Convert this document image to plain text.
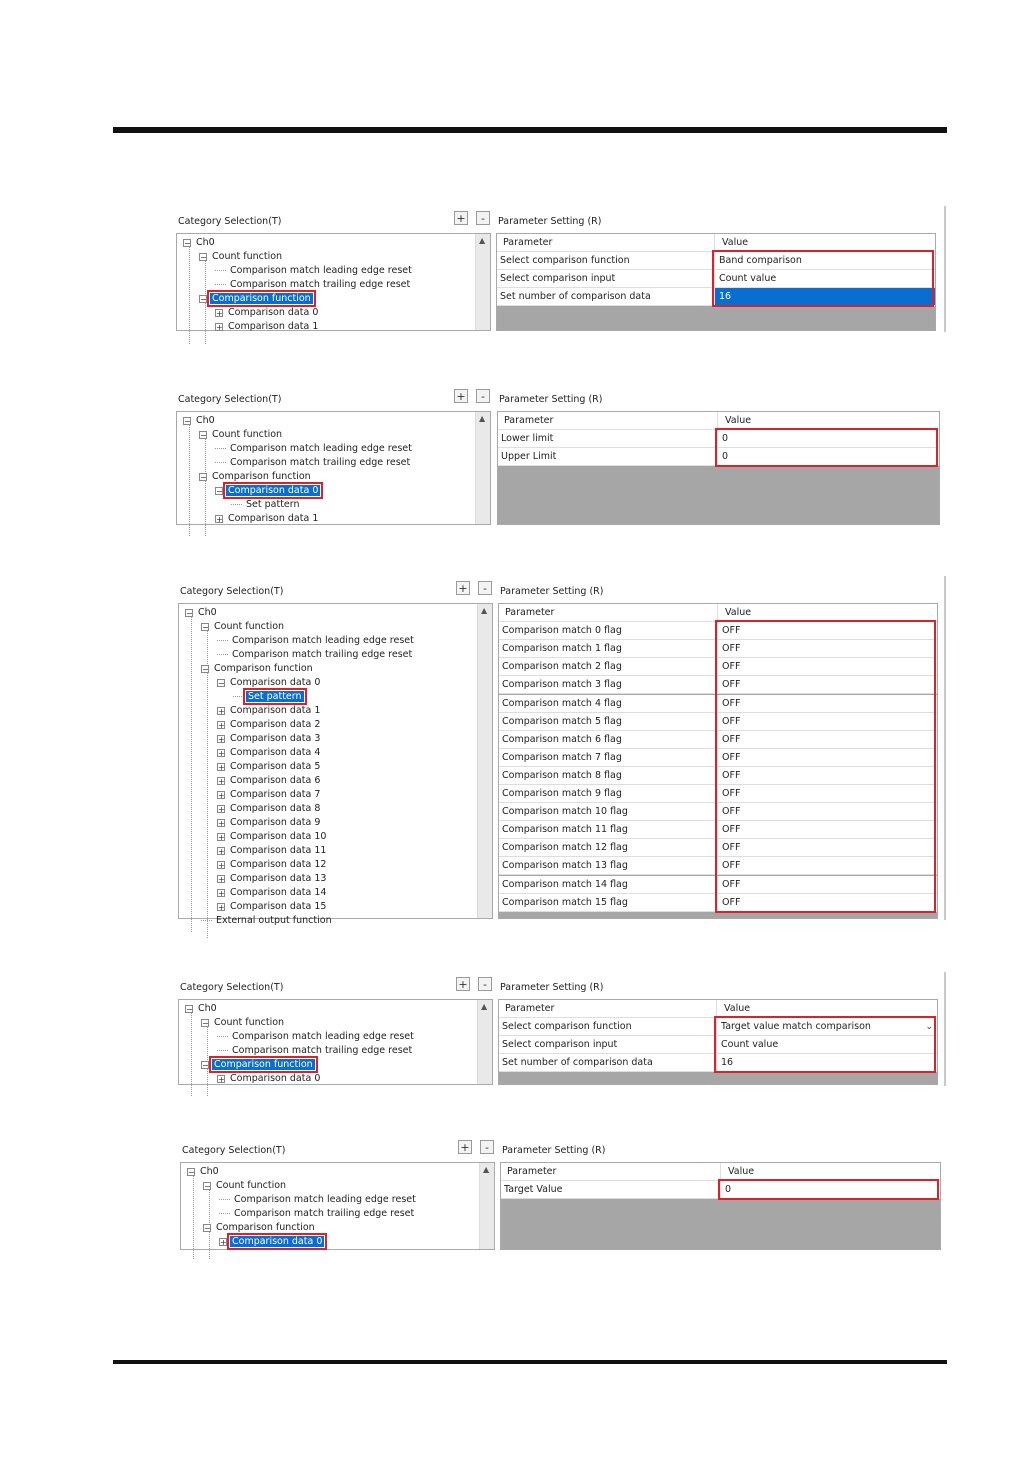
Category Selection(T)	+	-	Parameter Setting (R)
▲
− Ch0
− Count function
Comparison match leading edge reset
Comparison match trailing edge reset
− Comparison function
+ Comparison data 0
+ Comparison data 1
Parameter	Value
Select comparison function	Band comparison
Select comparison input	Count value
Set number of comparison data	16
Category Selection(T)	+	-	Parameter Setting (R)
▲
− Ch0
− Count function
Comparison match leading edge reset
Comparison match trailing edge reset
− Comparison function
− Comparison data 0
Set pattern
+ Comparison data 1
Parameter	Value
Lower limit	0
Upper Limit	0
Category Selection(T)	+	-	Parameter Setting (R)
▲
− Ch0
− Count function
Comparison match leading edge reset
Comparison match trailing edge reset
− Comparison function
− Comparison data 0
Set pattern
+ Comparison data 1
+ Comparison data 2
+ Comparison data 3
+ Comparison data 4
+ Comparison data 5
+ Comparison data 6
+ Comparison data 7
+ Comparison data 8
+ Comparison data 9
+ Comparison data 10
+ Comparison data 11
+ Comparison data 12
+ Comparison data 13
+ Comparison data 14
+ Comparison data 15
External output function
Parameter	Value
Comparison match 0 flag	OFF
Comparison match 1 flag	OFF
Comparison match 2 flag	OFF
Comparison match 3 flag	OFF
Comparison match 4 flag	OFF
Comparison match 5 flag	OFF
Comparison match 6 flag	OFF
Comparison match 7 flag	OFF
Comparison match 8 flag	OFF
Comparison match 9 flag	OFF
Comparison match 10 flag	OFF
Comparison match 11 flag	OFF
Comparison match 12 flag	OFF
Comparison match 13 flag	OFF
Comparison match 14 flag	OFF
Comparison match 15 flag	OFF
Category Selection(T)	+	-	Parameter Setting (R)
▲
− Ch0
− Count function
Comparison match leading edge reset
Comparison match trailing edge reset
− Comparison function
+ Comparison data 0
Parameter	Value
Select comparison function	Target value match comparison	⌄
Select comparison input	Count value
Set number of comparison data	16
Category Selection(T)	+	-	Parameter Setting (R)
▲
− Ch0
− Count function
Comparison match leading edge reset
Comparison match trailing edge reset
− Comparison function
+ Comparison data 0
Parameter	Value
Target Value	0
